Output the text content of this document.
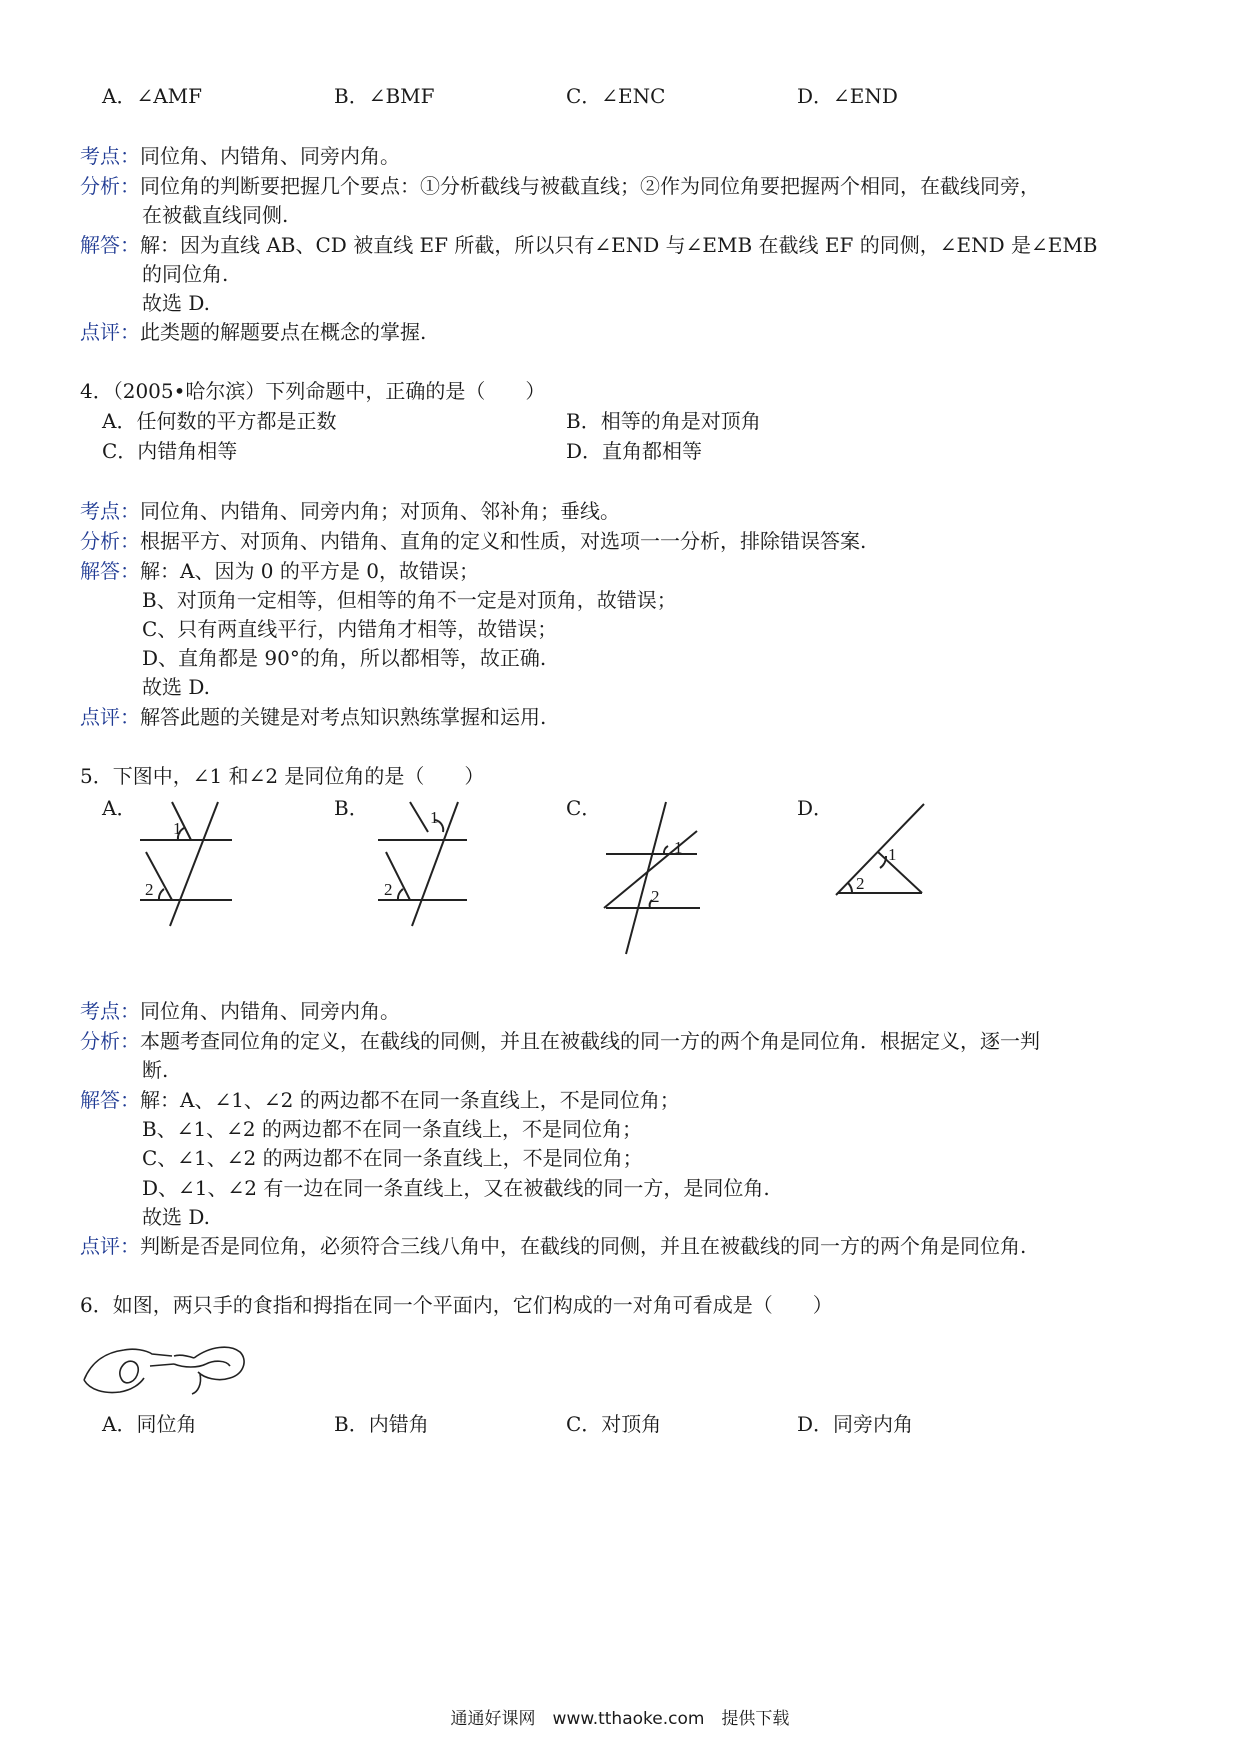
A．∠AMF	B．∠BMF	C．∠ENC	D．∠END
考点：同位角、内错角、同旁内角。
分析：同位角的判断要把握几个要点：①分析截线与被截直线；②作为同位角要把握两个相同，在截线同旁，
在被截直线同侧.
解答：解：因为直线 AB、CD 被直线 EF 所截，所以只有∠END 与∠EMB 在截线 EF 的同侧，∠END 是∠EMB
的同位角.
故选 D.
点评：此类题的解题要点在概念的掌握.
4．（2005•哈尔滨）下列命题中，正确的是（　　）
A．任何数的平方都是正数	B．相等的角是对顶角
C．内错角相等	D．直角都相等
考点：同位角、内错角、同旁内角；对顶角、邻补角；垂线。
分析：根据平方、对顶角、内错角、直角的定义和性质，对选项一一分析，排除错误答案.
解答：解：A、因为 0 的平方是 0，故错误；
B、对顶角一定相等，但相等的角不一定是对顶角，故错误；
C、只有两直线平行，内错角才相等，故错误；
D、直角都是 90°的角，所以都相等，故正确.
故选 D.
点评：解答此题的关键是对考点知识熟练掌握和运用.
5．下图中，∠1 和∠2 是同位角的是（　　）
A．	B．	C．	D．
1
2
1
2
1
2
1
2
考点：同位角、内错角、同旁内角。
分析：本题考查同位角的定义，在截线的同侧，并且在被截线的同一方的两个角是同位角．根据定义，逐一判
断.
解答：解：A、∠1、∠2 的两边都不在同一条直线上，不是同位角；
B、∠1、∠2 的两边都不在同一条直线上，不是同位角；
C、∠1、∠2 的两边都不在同一条直线上，不是同位角；
D、∠1、∠2 有一边在同一条直线上，又在被截线的同一方，是同位角.
故选 D.
点评：判断是否是同位角，必须符合三线八角中，在截线的同侧，并且在被截线的同一方的两个角是同位角.
6．如图，两只手的食指和拇指在同一个平面内，它们构成的一对角可看成是（　　）
A．同位角	B．内错角	C．对顶角	D．同旁内角
通通好课网　www.tthaoke.com　提供下载
